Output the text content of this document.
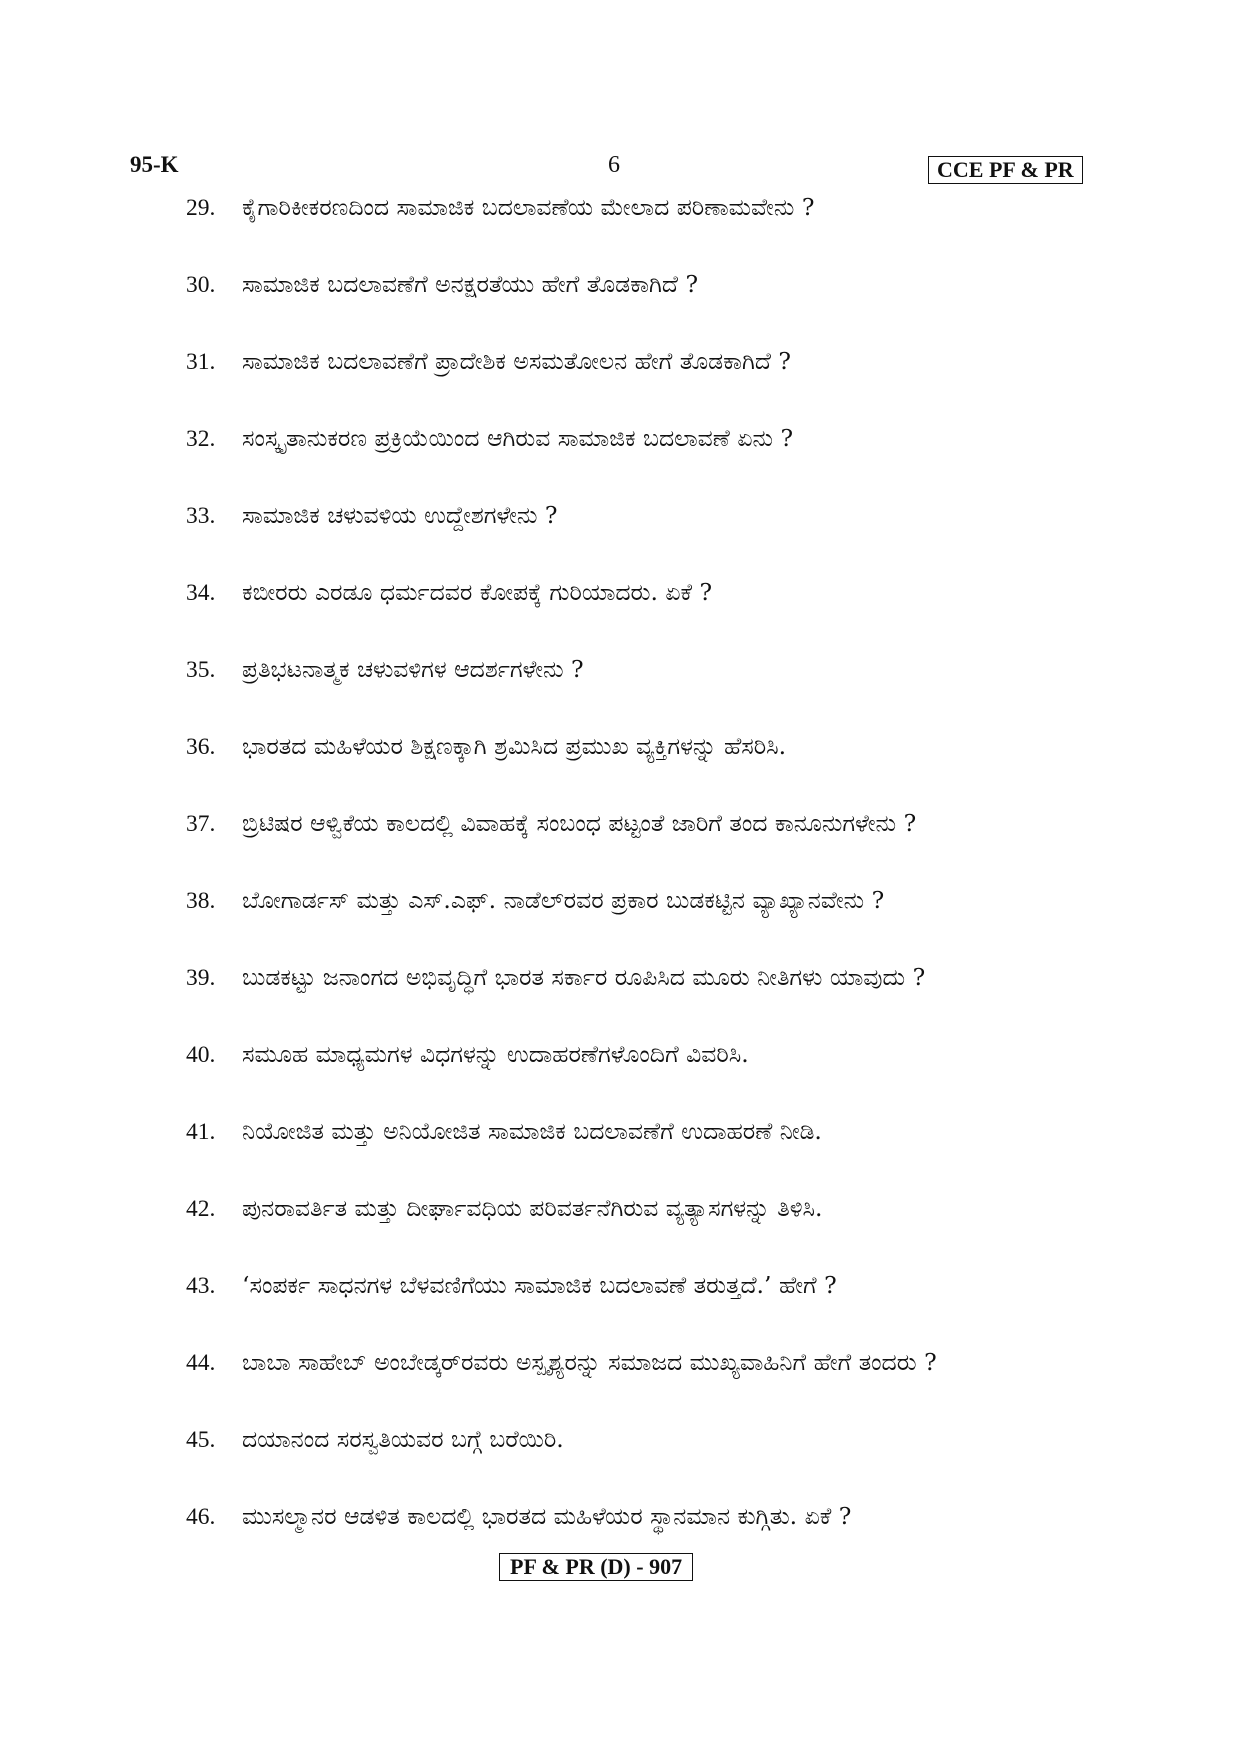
95-K	6	CCE PF & PR
29. ಕೈಗಾರಿಕೀಕರಣದಿಂದ ಸಾಮಾಜಿಕ ಬದಲಾವಣೆಯ ಮೇಲಾದ ಪರಿಣಾಮವೇನು ?
30. ಸಾಮಾಜಿಕ ಬದಲಾವಣೆಗೆ ಅನಕ್ಷರತೆಯು ಹೇಗೆ ತೊಡಕಾಗಿದೆ ?
31. ಸಾಮಾಜಿಕ ಬದಲಾವಣೆಗೆ ಪ್ರಾದೇಶಿಕ ಅಸಮತೋಲನ ಹೇಗೆ ತೊಡಕಾಗಿದೆ ?
32. ಸಂಸ್ಕೃತಾನುಕರಣ ಪ್ರಕ್ರಿಯೆಯಿಂದ ಆಗಿರುವ ಸಾಮಾಜಿಕ ಬದಲಾವಣೆ ಏನು ?
33. ಸಾಮಾಜಿಕ ಚಳುವಳಿಯ ಉದ್ದೇಶಗಳೇನು ?
34. ಕಬೀರರು ಎರಡೂ ಧರ್ಮದವರ ಕೋಪಕ್ಕೆ ಗುರಿಯಾದರು. ಏಕೆ ?
35. ಪ್ರತಿಭಟನಾತ್ಮಕ ಚಳುವಳಿಗಳ ಆದರ್ಶಗಳೇನು ?
36. ಭಾರತದ ಮಹಿಳೆಯರ ಶಿಕ್ಷಣಕ್ಕಾಗಿ ಶ್ರಮಿಸಿದ ಪ್ರಮುಖ ವ್ಯಕ್ತಿಗಳನ್ನು ಹೆಸರಿಸಿ.
37. ಬ್ರಿಟಿಷರ ಆಳ್ವಿಕೆಯ ಕಾಲದಲ್ಲಿ ವಿವಾಹಕ್ಕೆ ಸಂಬಂಧ ಪಟ್ಟಂತೆ ಜಾರಿಗೆ ತಂದ ಕಾನೂನುಗಳೇನು ?
38. ಬೋಗಾರ್ಡಸ್ ಮತ್ತು ಎಸ್.ಎಫ್. ನಾಡೆಲ್‌ರವರ ಪ್ರಕಾರ ಬುಡಕಟ್ಟಿನ ವ್ಯಾಖ್ಯಾನವೇನು ?
39. ಬುಡಕಟ್ಟು ಜನಾಂಗದ ಅಭಿವೃದ್ಧಿಗೆ ಭಾರತ ಸರ್ಕಾರ ರೂಪಿಸಿದ ಮೂರು ನೀತಿಗಳು ಯಾವುದು ?
40. ಸಮೂಹ ಮಾಧ್ಯಮಗಳ ವಿಧಗಳನ್ನು ಉದಾಹರಣೆಗಳೊಂದಿಗೆ ವಿವರಿಸಿ.
41. ನಿಯೋಜಿತ ಮತ್ತು ಅನಿಯೋಜಿತ ಸಾಮಾಜಿಕ ಬದಲಾವಣೆಗೆ ಉದಾಹರಣೆ ನೀಡಿ.
42. ಪುನರಾವರ್ತಿತ ಮತ್ತು ದೀರ್ಘಾವಧಿಯ ಪರಿವರ್ತನೆಗಿರುವ ವ್ಯತ್ಯಾಸಗಳನ್ನು ತಿಳಿಸಿ.
43. ‘ಸಂಪರ್ಕ ಸಾಧನಗಳ ಬೆಳವಣಿಗೆಯು ಸಾಮಾಜಿಕ ಬದಲಾವಣೆ ತರುತ್ತದೆ.’ ಹೇಗೆ ?
44. ಬಾಬಾ ಸಾಹೇಬ್ ಅಂಬೇಡ್ಕರ್‌ರವರು ಅಸ್ಪೃಶ್ಯರನ್ನು ಸಮಾಜದ ಮುಖ್ಯವಾಹಿನಿಗೆ ಹೇಗೆ ತಂದರು ?
45. ದಯಾನಂದ ಸರಸ್ವತಿಯವರ ಬಗ್ಗೆ ಬರೆಯಿರಿ.
46. ಮುಸಲ್ಮಾನರ ಆಡಳಿತ ಕಾಲದಲ್ಲಿ ಭಾರತದ ಮಹಿಳೆಯರ ಸ್ಥಾನಮಾನ ಕುಗ್ಗಿತು. ಏಕೆ ?
PF & PR (D) - 907
